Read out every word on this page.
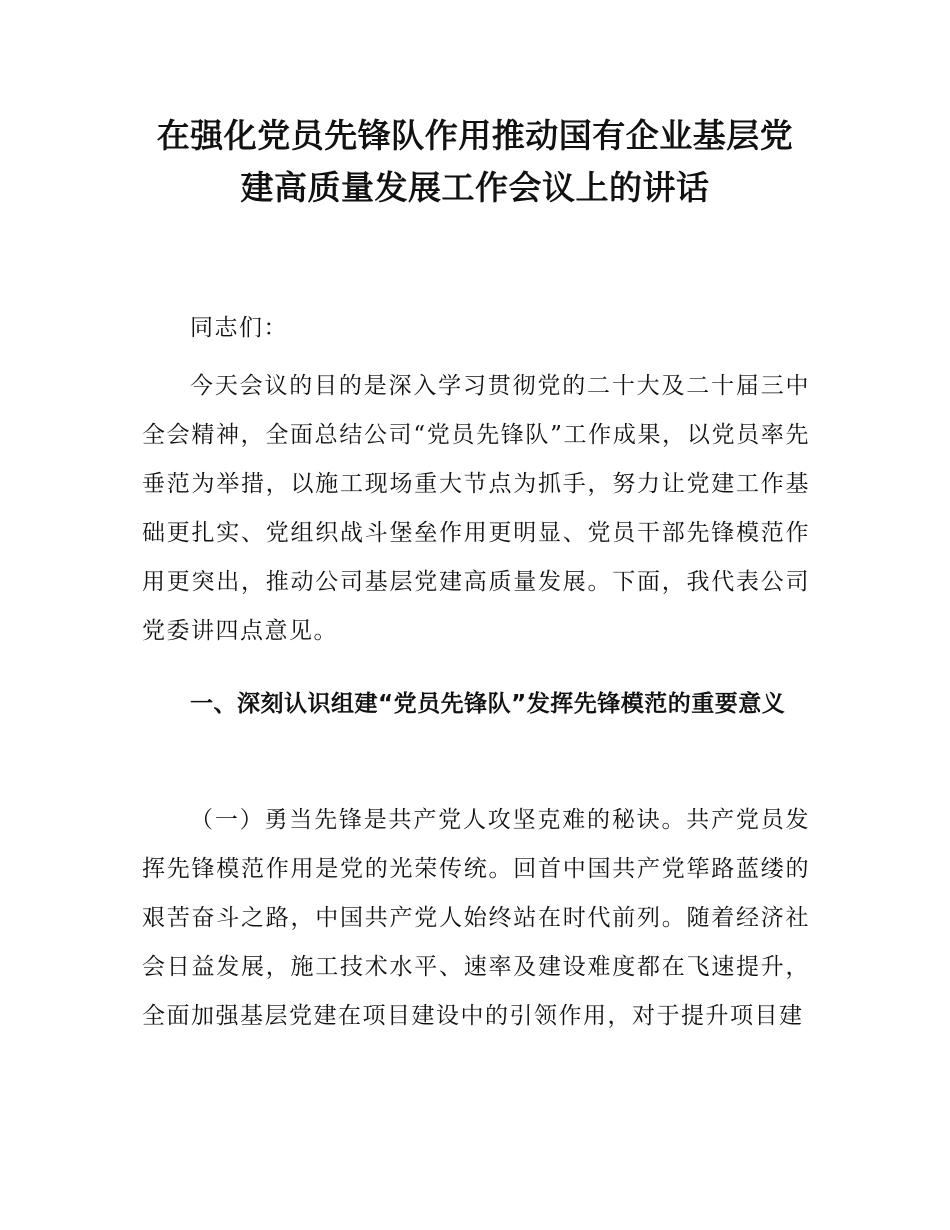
在强化党员先锋队作用推动国有企业基层党
建高质量发展工作会议上的讲话

同志们：

今天会议的目的是深入学习贯彻党的二十大及二十届三中全会精神，全面总结公司“党员先锋队”工作成果，以党员率先垂范为举措，以施工现场重大节点为抓手，努力让党建工作基础更扎实、党组织战斗堡垒作用更明显、党员干部先锋模范作用更突出，推动公司基层党建高质量发展。下面，我代表公司党委讲四点意见。

一、深刻认识组建“党员先锋队”发挥先锋模范的重要意义

（一）勇当先锋是共产党人攻坚克难的秘诀。共产党员发挥先锋模范作用是党的光荣传统。回首中国共产党筚路蓝缕的艰苦奋斗之路，中国共产党人始终站在时代前列。随着经济社会日益发展，施工技术水平、速率及建设难度都在飞速提升，全面加强基层党建在项目建设中的引领作用，对于提升项目建
